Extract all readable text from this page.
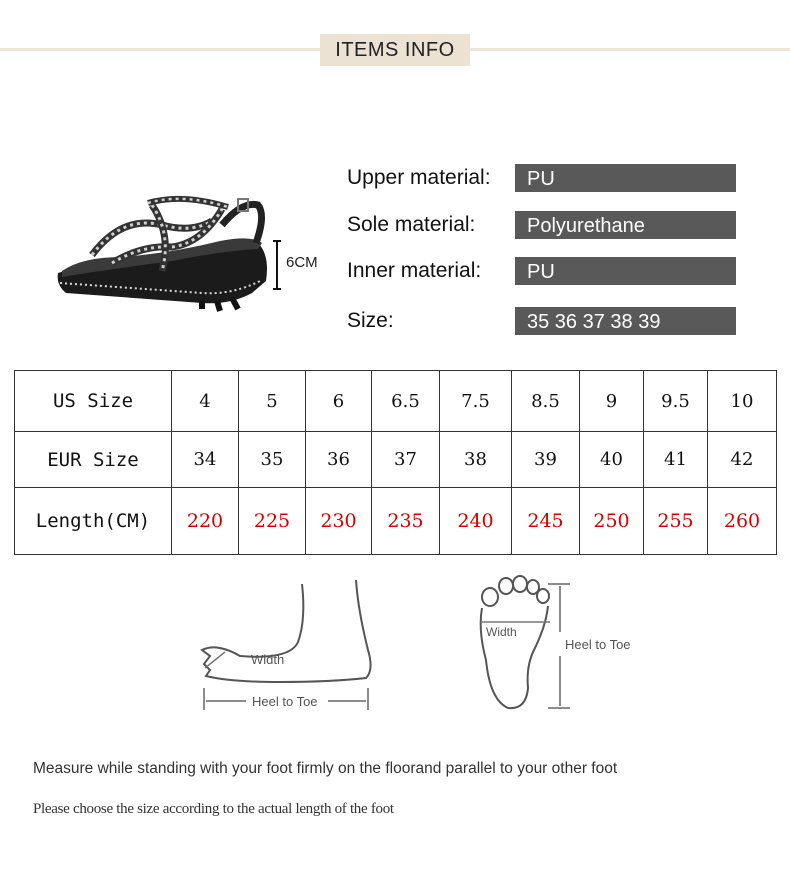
ITEMS INFO
6CM
Upper material:	PU
Sole material:	Polyurethane
Inner material:	PU
Size:	35 36 37 38 39
US Size	4	5	6	6.5	7.5	8.5	9	9.5	10
EUR Size	34	35	36	37	38	39	40	41	42
Length(CM)	220	225	230	235	240	245	250	255	260
Width
Heel to Toe
Width
Heel to Toe
Measure while standing with your foot firmly on the floorand parallel to your other foot
Please choose the size according to the actual length of the foot
